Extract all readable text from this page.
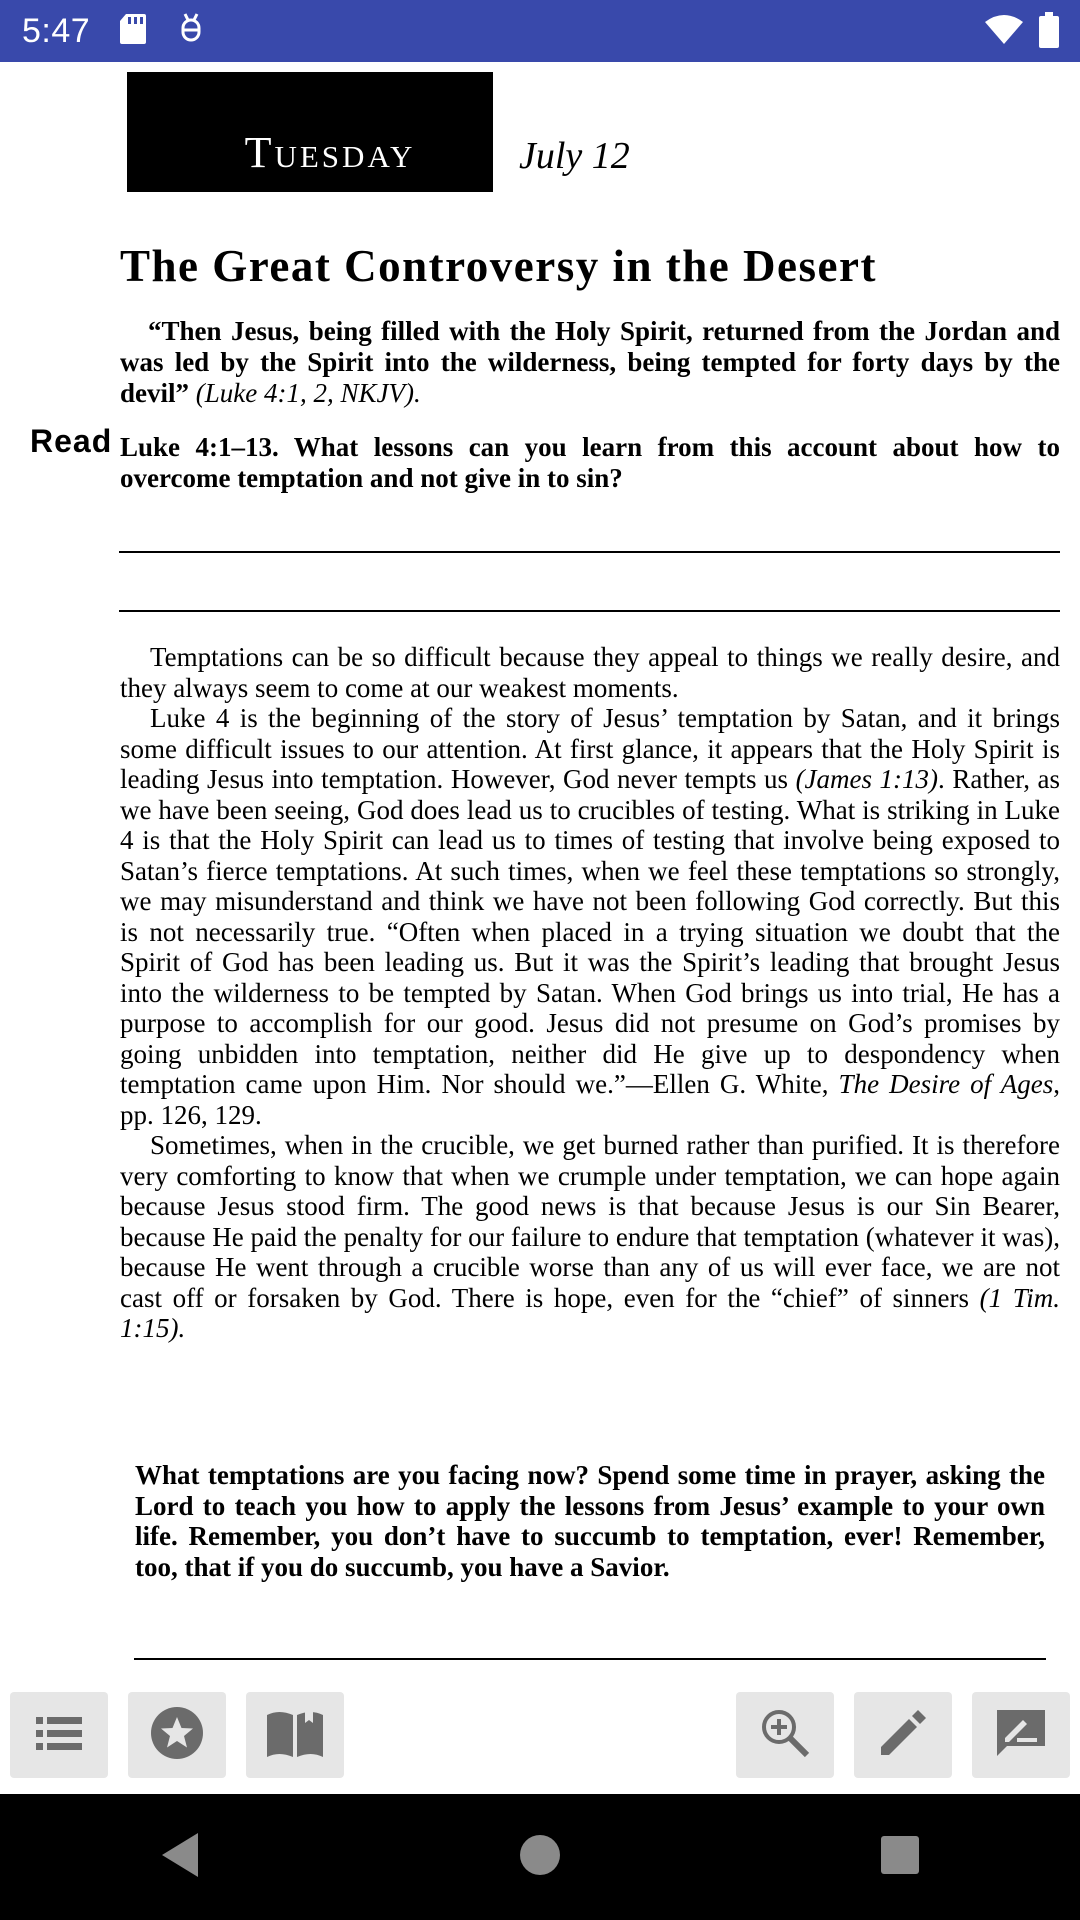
5:47
Tuesday	July 12
The Great Controversy in the Desert

“Then Jesus, being filled with the Holy Spirit, returned from the Jordan and was led by the Spirit into the wilderness, being tempted for forty days by the devil” (Luke 4:1, 2, NKJV).

Read Luke 4:1–13. What lessons can you learn from this account about how to overcome temptation and not give in to sin?

Temptations can be so difficult because they appeal to things we really desire, and they always seem to come at our weakest moments.

Luke 4 is the beginning of the story of Jesus’ temptation by Satan, and it brings some difficult issues to our attention. At first glance, it appears that the Holy Spirit is leading Jesus into temptation. However, God never tempts us (James 1:13). Rather, as we have been seeing, God does lead us to crucibles of testing. What is striking in Luke 4 is that the Holy Spirit can lead us to times of testing that involve being exposed to Satan’s fierce temptations. At such times, when we feel these temptations so strongly, we may misunderstand and think we have not been following God correctly. But this is not necessarily true. “Often when placed in a trying situation we doubt that the Spirit of God has been leading us. But it was the Spirit’s leading that brought Jesus into the wilderness to be tempted by Satan. When God brings us into trial, He has a purpose to accomplish for our good. Jesus did not presume on God’s promises by going unbidden into temptation, neither did He give up to despondency when temptation came upon Him. Nor should we.”—Ellen G. White, The Desire of Ages, pp. 126, 129.

Sometimes, when in the crucible, we get burned rather than purified. It is therefore very comforting to know that when we crumple under temptation, we can hope again because Jesus stood firm. The good news is that because Jesus is our Sin Bearer, because He paid the penalty for our failure to endure that temptation (whatever it was), because He went through a crucible worse than any of us will ever face, we are not cast off or forsaken by God. There is hope, even for the “chief” of sinners (1 Tim. 1:15).

What temptations are you facing now? Spend some time in prayer, asking the Lord to teach you how to apply the lessons from Jesus’ example to your own life. Remember, you don’t have to succumb to temptation, ever! Remember, too, that if you do succumb, you have a Savior.
